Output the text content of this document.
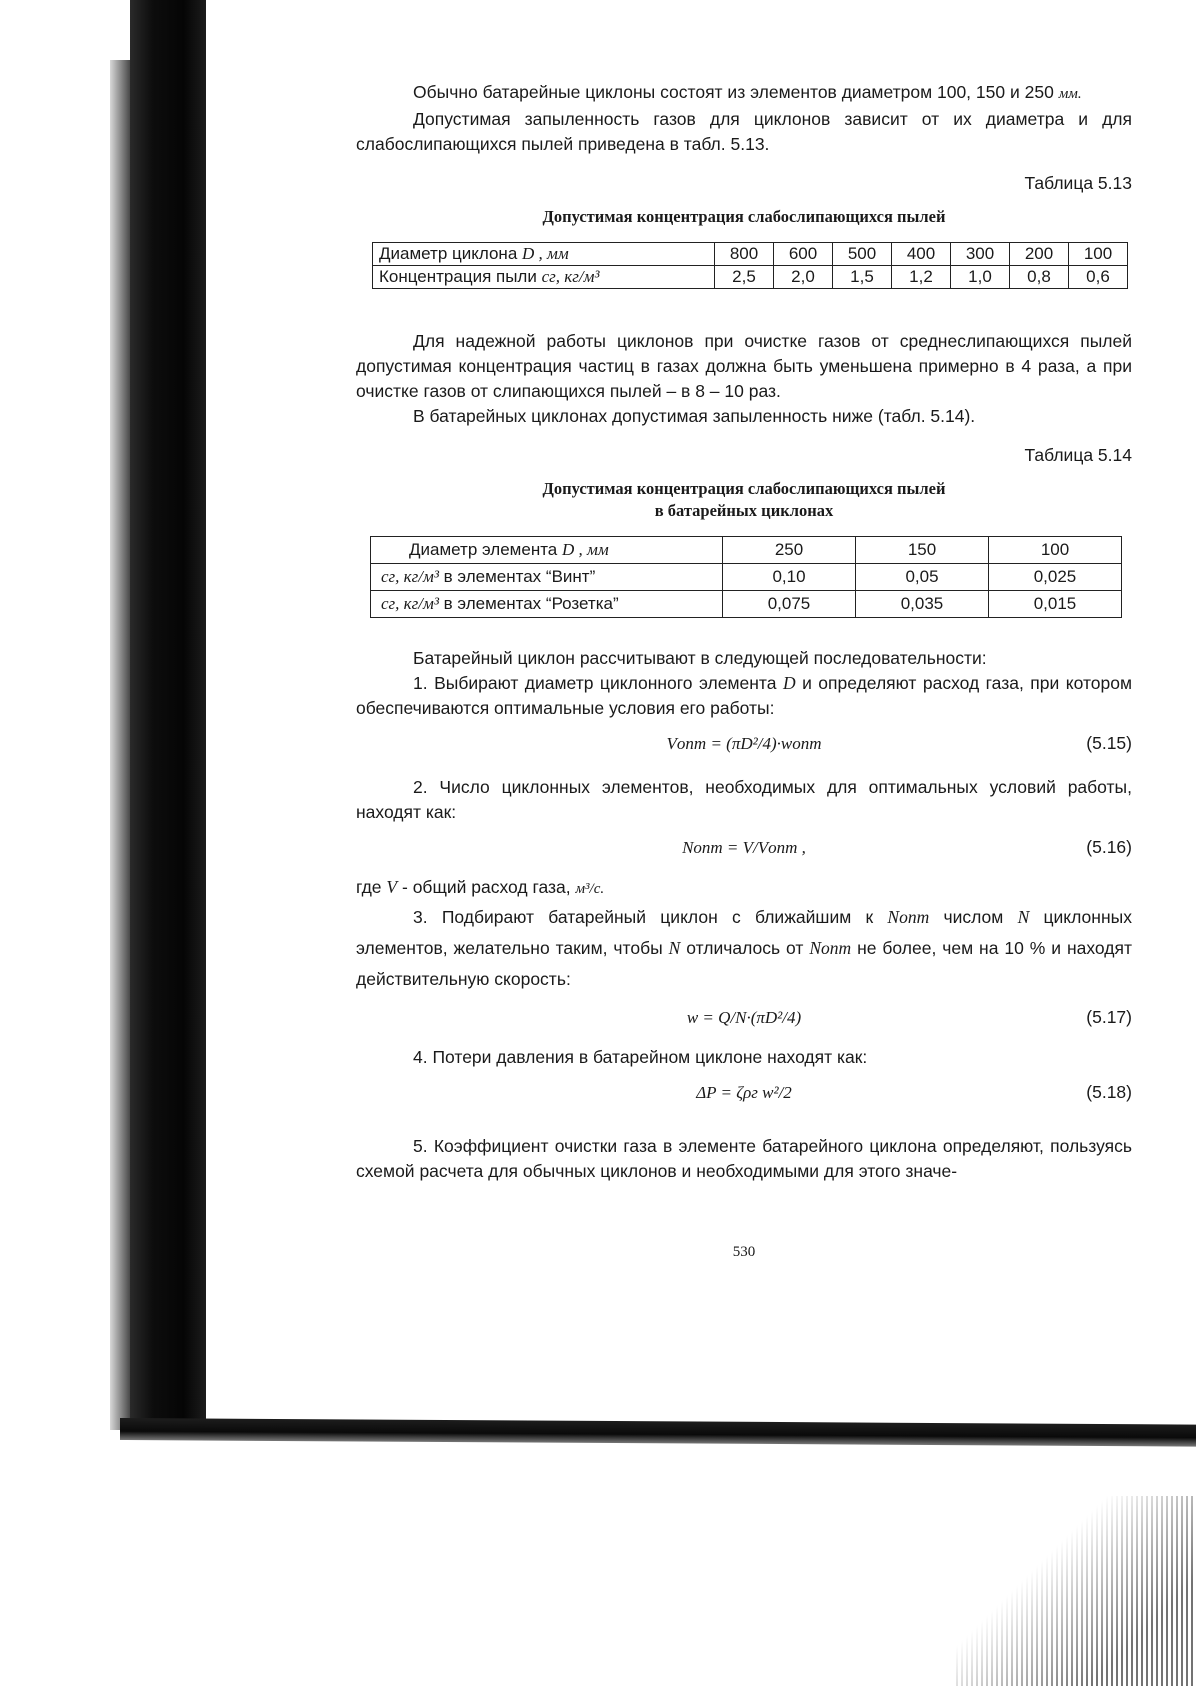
Обычно батарейные циклоны состоят из элементов диаметром 100, 150 и 250 мм.

Допустимая запыленность газов для циклонов зависит от их диаметра и для слабослипающихся пылей приведена в табл. 5.13.

Таблица 5.13

Допустимая концентрация слабослипающихся пылей
Диаметр циклона D , мм	800	600	500	400	300	200	100
Концентрация пыли cг, кг/м³	2,5	2,0	1,5	1,2	1,0	0,8	0,6

Для надежной работы циклонов при очистке газов от среднеслипающихся пылей допустимая концентрация частиц в газах должна быть уменьшена примерно в 4 раза, а при очистке газов от слипающихся пылей – в 8 – 10 раз.

В батарейных циклонах допустимая запыленность ниже (табл. 5.14).

Таблица 5.14

Допустимая концентрация слабослипающихся пылей
в батарейных циклонах
Диаметр элемента D , мм	250	150	100
cг, кг/м³ в элементах “Винт”	0,10	0,05	0,025
cг, кг/м³ в элементах “Розетка”	0,075	0,035	0,015

Батарейный циклон рассчитывают в следующей последовательности:

1. Выбирают диаметр циклонного элемента D и определяют расход газа, при котором обеспечиваются оптимальные условия его работы:

Vопт = (πD²/4)·wопт	(5.15)

2. Число циклонных элементов, необходимых для оптимальных условий работы, находят как:

Nопт = V/Vопт ,	(5.16)

где V - общий расход газа, м³/с.

3. Подбирают батарейный циклон с ближайшим к Nопт числом N циклонных элементов, желательно таким, чтобы N отличалось от Nопт не более, чем на 10 % и находят действительную скорость:

w = Q/N·(πD²/4)	(5.17)

4. Потери давления в батарейном циклоне находят как:

ΔP = ζρг w²/2	(5.18)

5. Коэффициент очистки газа в элементе батарейного циклона определяют, пользуясь схемой расчета для обычных циклонов и необходимыми для этого значе-

530
